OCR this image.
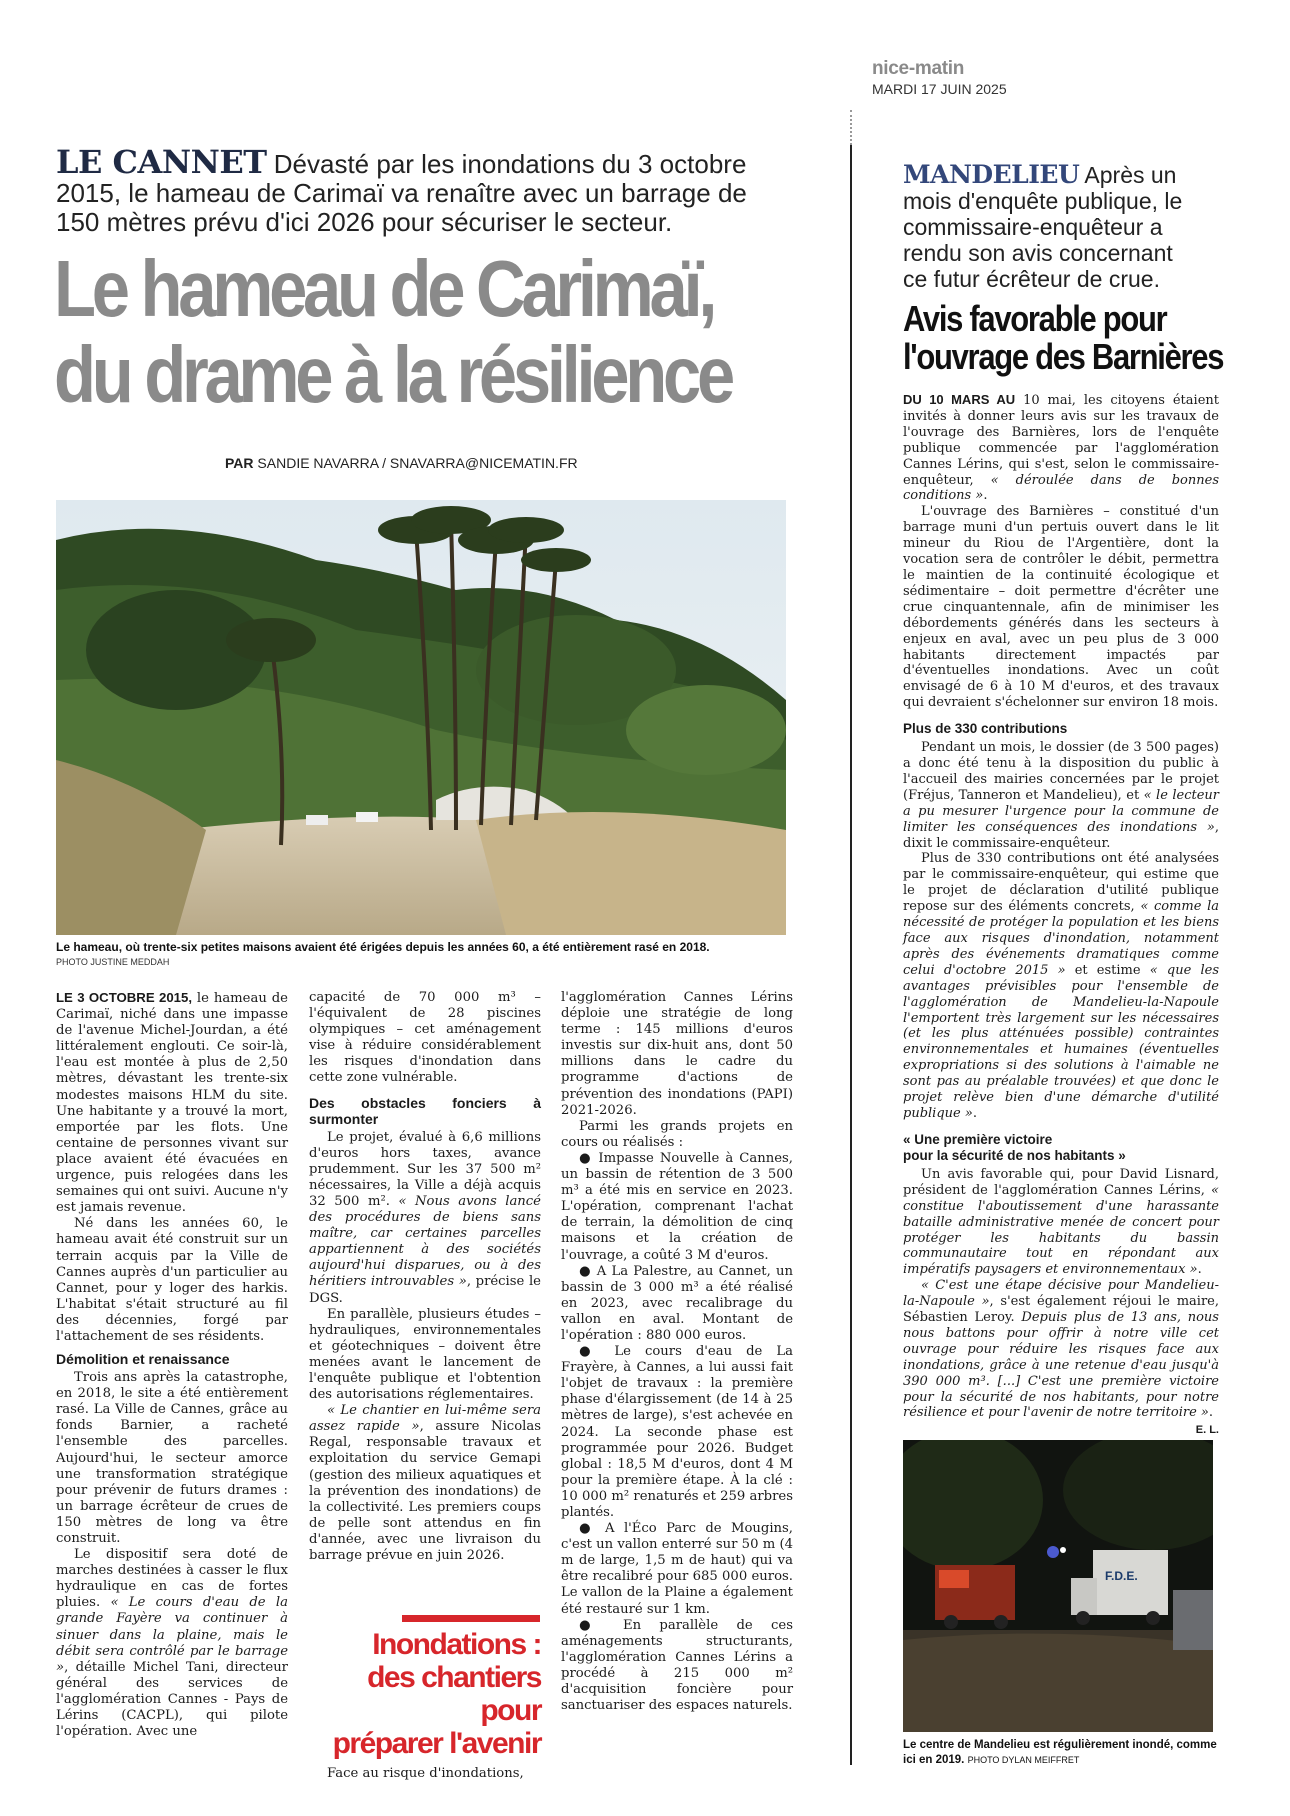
nice-matin
MARDI 17 JUIN 2025
LE CANNET Dévasté par les inondations du 3 octobre 2015, le hameau de Carimaï va renaître avec un barrage de 150 mètres prévu d'ici 2026 pour sécuriser le secteur.
Le hameau de Carimaï,
du drame à la résilience
PAR SANDIE NAVARRA / SNAVARRA@NICEMATIN.FR
Le hameau, où trente-six petites maisons avaient été érigées depuis les années 60, a été entièrement rasé en 2018.
PHOTO JUSTINE MEDDAH

LE 3 OCTOBRE 2015, le hameau de Carimaï, niché dans une impasse de l'avenue Michel-Jourdan, a été littéralement englouti. Ce soir-là, l'eau est montée à plus de 2,50 mètres, dévastant les trente-six modestes maisons HLM du site. Une habitante y a trouvé la mort, emportée par les flots. Une centaine de personnes vivant sur place avaient été évacuées en urgence, puis relogées dans les semaines qui ont suivi. Aucune n'y est jamais revenue.

Né dans les années 60, le hameau avait été construit sur un terrain acquis par la Ville de Cannes auprès d'un particulier au Cannet, pour y loger des harkis. L'habitat s'était structuré au fil des décennies, forgé par l'attachement de ses résidents.

Démolition et renaissance

Trois ans après la catastrophe, en 2018, le site a été entièrement rasé. La Ville de Cannes, grâce au fonds Barnier, a racheté l'ensemble des parcelles. Aujourd'hui, le secteur amorce une transformation stratégique pour prévenir de futurs drames : un barrage écrêteur de crues de 150 mètres de long va être construit.

Le dispositif sera doté de marches destinées à casser le flux hydraulique en cas de fortes pluies. « Le cours d'eau de la grande Fayère va continuer à sinuer dans la plaine, mais le débit sera contrôlé par le barrage », détaille Michel Tani, directeur général des services de l'agglomération Cannes - Pays de Lérins (CACPL), qui pilote l'opération. Avec une

capacité de 70 000 m³ – l'équivalent de 28 piscines olympiques – cet aménagement vise à réduire considérablement les risques d'inondation dans cette zone vulnérable.

Des obstacles fonciers à surmonter

Le projet, évalué à 6,6 millions d'euros hors taxes, avance prudemment. Sur les 37 500 m² nécessaires, la Ville a déjà acquis 32 500 m². « Nous avons lancé des procédures de biens sans maître, car certaines parcelles appartiennent à des sociétés aujourd'hui disparues, ou à des héritiers introuvables », précise le DGS.

En parallèle, plusieurs études – hydrauliques, environnementales et géotechniques – doivent être menées avant le lancement de l'enquête publique et l'obtention des autorisations réglementaires.

« Le chantier en lui-même sera assez rapide », assure Nicolas Regal, responsable travaux et exploitation du service Gemapi (gestion des milieux aquatiques et la prévention des inondations) de la collectivité. Les premiers coups de pelle sont attendus en fin d'année, avec une livraison du barrage prévue en juin 2026.

Inondations :
des chantiers pour
préparer l'avenir
Face au risque d'inondations,

l'agglomération Cannes Lérins déploie une stratégie de long terme : 145 millions d'euros investis sur dix-huit ans, dont 50 millions dans le cadre du programme d'actions de prévention des inondations (PAPI) 2021-2026.

Parmi les grands projets en cours ou réalisés :

● Impasse Nouvelle à Cannes, un bassin de rétention de 3 500 m³ a été mis en service en 2023. L'opération, comprenant l'achat de terrain, la démolition de cinq maisons et la création de l'ouvrage, a coûté 3 M d'euros.

● A La Palestre, au Cannet, un bassin de 3 000 m³ a été réalisé en 2023, avec recalibrage du vallon en aval. Montant de l'opération : 880 000 euros.

● Le cours d'eau de La Frayère, à Cannes, a lui aussi fait l'objet de travaux : la première phase d'élargissement (de 14 à 25 mètres de large), s'est achevée en 2024. La seconde phase est programmée pour 2026. Budget global : 18,5 M d'euros, dont 4 M pour la première étape. À la clé : 10 000 m² renaturés et 259 arbres plantés.

● A l'Éco Parc de Mougins, c'est un vallon enterré sur 50 m (4 m de large, 1,5 m de haut) qui va être recalibré pour 685 000 euros. Le vallon de la Plaine a également été restauré sur 1 km.

● En parallèle de ces aménagements structurants, l'agglomération Cannes Lérins a procédé à 215 000 m² d'acquisition foncière pour sanctuariser des espaces naturels.

MANDELIEU Après un mois d'enquête publique, le commissaire-enquêteur a rendu son avis concernant ce futur écrêteur de crue.
Avis favorable pour
l'ouvrage des Barnières

DU 10 MARS AU 10 mai, les citoyens étaient invités à donner leurs avis sur les travaux de l'ouvrage des Barnières, lors de l'enquête publique commencée par l'agglomération Cannes Lérins, qui s'est, selon le commissaire-enquêteur, « déroulée dans de bonnes conditions ».

L'ouvrage des Barnières – constitué d'un barrage muni d'un pertuis ouvert dans le lit mineur du Riou de l'Argentière, dont la vocation sera de contrôler le débit, permettra le maintien de la continuité écologique et sédimentaire – doit permettre d'écrêter une crue cinquantennale, afin de minimiser les débordements générés dans les secteurs à enjeux en aval, avec un peu plus de 3 000 habitants directement impactés par d'éventuelles inondations. Avec un coût envisagé de 6 à 10 M d'euros, et des travaux qui devraient s'échelonner sur environ 18 mois.

Plus de 330 contributions

Pendant un mois, le dossier (de 3 500 pages) a donc été tenu à la disposition du public à l'accueil des mairies concernées par le projet (Fréjus, Tanneron et Mandelieu), et « le lecteur a pu mesurer l'urgence pour la commune de limiter les conséquences des inondations », dixit le commissaire-enquêteur.

Plus de 330 contributions ont été analysées par le commissaire-enquêteur, qui estime que le projet de déclaration d'utilité publique repose sur des éléments concrets, « comme la nécessité de protéger la population et les biens face aux risques d'inondation, notamment après des événements dramatiques comme celui d'octobre 2015 » et estime « que les avantages prévisibles pour l'ensemble de l'agglomération de Mandelieu-la-Napoule l'emportent très largement sur les nécessaires (et les plus atténuées possible) contraintes environnementales et humaines (éventuelles expropriations si des solutions à l'aimable ne sont pas au préalable trouvées) et que donc le projet relève bien d'une démarche d'utilité publique ».

« Une première victoire
pour la sécurité de nos habitants »

Un avis favorable qui, pour David Lisnard, président de l'agglomération Cannes Lérins, « constitue l'aboutissement d'une harassante bataille administrative menée de concert pour protéger les habitants du bassin communautaire tout en répondant aux impératifs paysagers et environnementaux ».

« C'est une étape décisive pour Mandelieu-la-Napoule », s'est également réjoui le maire, Sébastien Leroy. Depuis plus de 13 ans, nous nous battons pour offrir à notre ville cet ouvrage pour réduire les risques face aux inondations, grâce à une retenue d'eau jusqu'à 390 000 m³. [...] C'est une première victoire pour la sécurité de nos habitants, pour notre résilience et pour l'avenir de notre territoire ».

E. L.
F.D.E.
Le centre de Mandelieu est régulièrement inondé, comme ici en 2019. PHOTO DYLAN MEIFFRET
